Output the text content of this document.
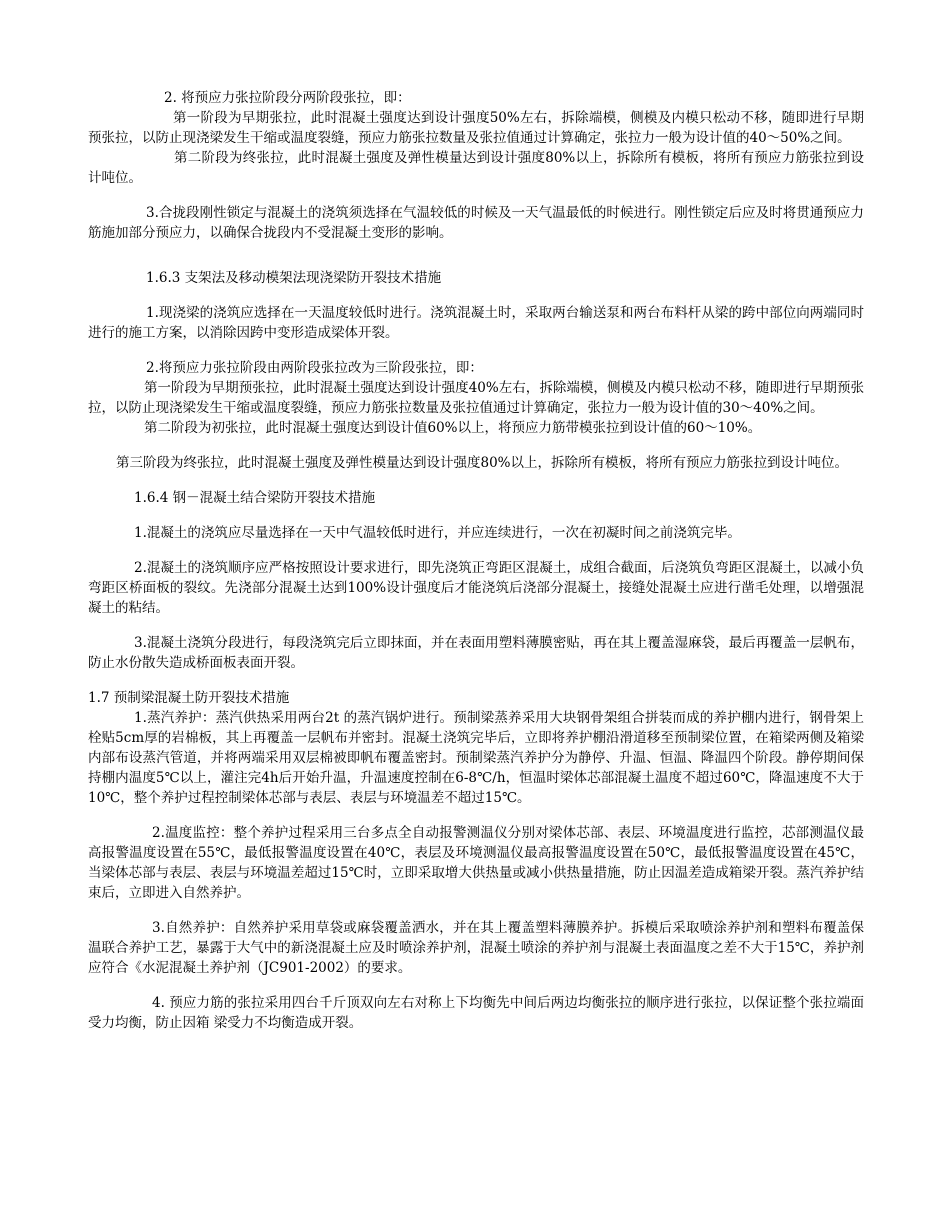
2. 将预应力张拉阶段分两阶段张拉，即：

第一阶段为早期张拉，此时混凝土强度达到设计强度50%左右，拆除端模，侧模及内模只松动不移，随即进行早期预张拉，以防止现浇梁发生干缩或温度裂缝，预应力筋张拉数量及张拉值通过计算确定，张拉力一般为设计值的40～50%之间。

第二阶段为终张拉，此时混凝土强度及弹性模量达到设计强度80%以上，拆除所有模板，将所有预应力筋张拉到设计吨位。

3.合拢段刚性锁定与混凝土的浇筑须选择在气温较低的时候及一天气温最低的时候进行。刚性锁定后应及时将贯通预应力筋施加部分预应力，以确保合拢段内不受混凝土变形的影响。

1.6.3 支架法及移动模架法现浇梁防开裂技术措施

1.现浇梁的浇筑应选择在一天温度较低时进行。浇筑混凝土时，采取两台输送泵和两台布料杆从梁的跨中部位向两端同时进行的施工方案，以消除因跨中变形造成梁体开裂。

2.将预应力张拉阶段由两阶段张拉改为三阶段张拉，即：

第一阶段为早期预张拉，此时混凝土强度达到设计强度40%左右，拆除端模，侧模及内模只松动不移，随即进行早期预张拉，以防止现浇梁发生干缩或温度裂缝，预应力筋张拉数量及张拉值通过计算确定，张拉力一般为设计值的30～40%之间。

第二阶段为初张拉，此时混凝土强度达到设计值60%以上，将预应力筋带模张拉到设计值的60～10%。

第三阶段为终张拉，此时混凝土强度及弹性模量达到设计强度80%以上，拆除所有模板，将所有预应力筋张拉到设计吨位。

1.6.4 钢－混凝土结合梁防开裂技术措施

1.混凝土的浇筑应尽量选择在一天中气温较低时进行，并应连续进行，一次在初凝时间之前浇筑完毕。

2.混凝土的浇筑顺序应严格按照设计要求进行，即先浇筑正弯距区混凝土，成组合截面，后浇筑负弯距区混凝土，以减小负弯距区桥面板的裂纹。先浇部分混凝土达到100%设计强度后才能浇筑后浇部分混凝土，接缝处混凝土应进行凿毛处理，以增强混凝土的粘结。

3.混凝土浇筑分段进行，每段浇筑完后立即抹面，并在表面用塑料薄膜密贴，再在其上覆盖湿麻袋，最后再覆盖一层帆布，防止水份散失造成桥面板表面开裂。

1.7 预制梁混凝土防开裂技术措施

1.蒸汽养护：蒸汽供热采用两台2t 的蒸汽锅炉进行。预制梁蒸养采用大块钢骨架组合拼装而成的养护棚内进行，钢骨架上栓贴5cm厚的岩棉板，其上再覆盖一层帆布并密封。混凝土浇筑完毕后，立即将养护棚沿滑道移至预制梁位置，在箱梁两侧及箱梁内部布设蒸汽管道，并将两端采用双层棉被即帆布覆盖密封。预制梁蒸汽养护分为静停、升温、恒温、降温四个阶段。静停期间保持棚内温度5℃以上，灌注完4h后开始升温，升温速度控制在6-8℃/h，恒温时梁体芯部混凝土温度不超过60℃，降温速度不大于10℃，整个养护过程控制梁体芯部与表层、表层与环境温差不超过15℃。

2.温度监控：整个养护过程采用三台多点全自动报警测温仪分别对梁体芯部、表层、环境温度进行监控，芯部测温仪最高报警温度设置在55℃，最低报警温度设置在40℃，表层及环境测温仪最高报警温度设置在50℃，最低报警温度设置在45℃，当梁体芯部与表层、表层与环境温差超过15℃时，立即采取增大供热量或减小供热量措施，防止因温差造成箱梁开裂。蒸汽养护结束后，立即进入自然养护。

3.自然养护：自然养护采用草袋或麻袋覆盖洒水，并在其上覆盖塑料薄膜养护。拆模后采取喷涂养护剂和塑料布覆盖保温联合养护工艺，暴露于大气中的新浇混凝土应及时喷涂养护剂，混凝土喷涂的养护剂与混凝土表面温度之差不大于15℃，养护剂应符合《水泥混凝土养护剂（JC901-2002）的要求。

4. 预应力筋的张拉采用四台千斤顶双向左右对称上下均衡先中间后两边均衡张拉的顺序进行张拉，以保证整个张拉端面受力均衡，防止因箱 梁受力不均衡造成开裂。
